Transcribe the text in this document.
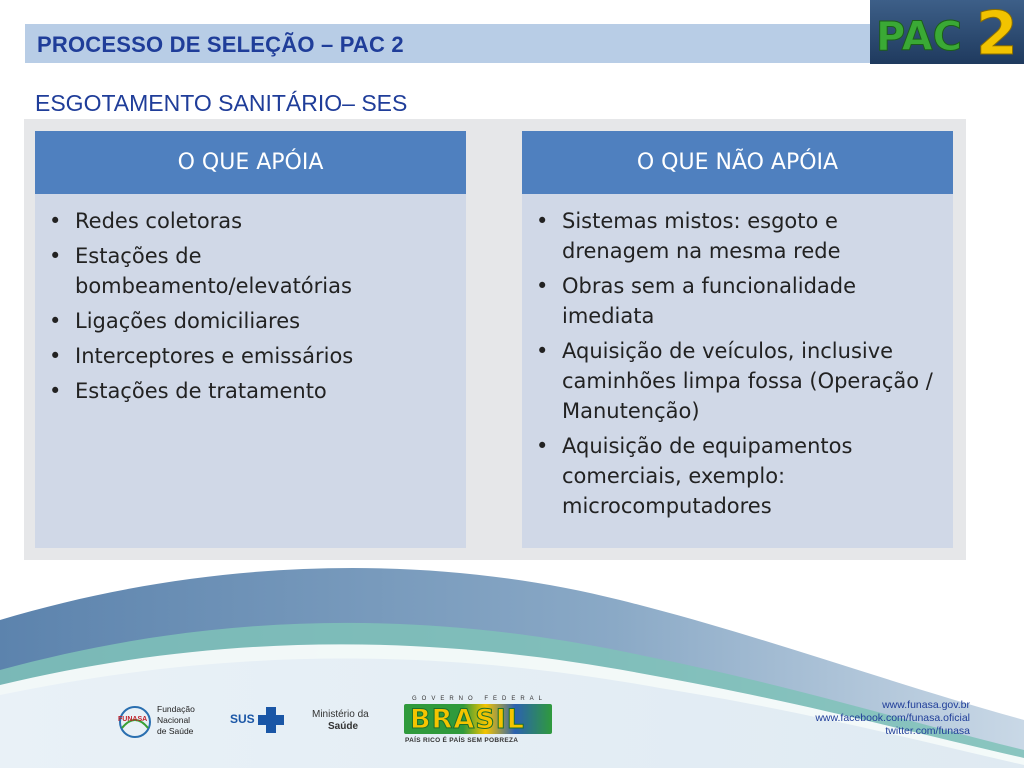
PROCESSO DE SELEÇÃO – PAC 2	PAC 2
ESGOTAMENTO SANITÁRIO– SES
O QUE APÓIA
• Redes coletoras
• Estações de bombeamento/elevatórias
• Ligações domiciliares
• Interceptores e emissários
• Estações de tratamento
O QUE NÃO APÓIA
• Sistemas mistos: esgoto e drenagem na mesma rede
• Obras sem a funcionalidade imediata
• Aquisição de veículos, inclusive caminhões limpa fossa (Operação / Manutenção)
• Aquisição de equipamentos comerciais, exemplo: microcomputadores
FUNASA
Fundação
Nacional
de Saúde
SUS	Ministério da
Saúde
GOVERNO FEDERAL
BRASIL
PAÍS RICO É PAÍS SEM POBREZA
www.funasa.gov.br
www.facebook.com/funasa.oficial
twitter.com/funasa
